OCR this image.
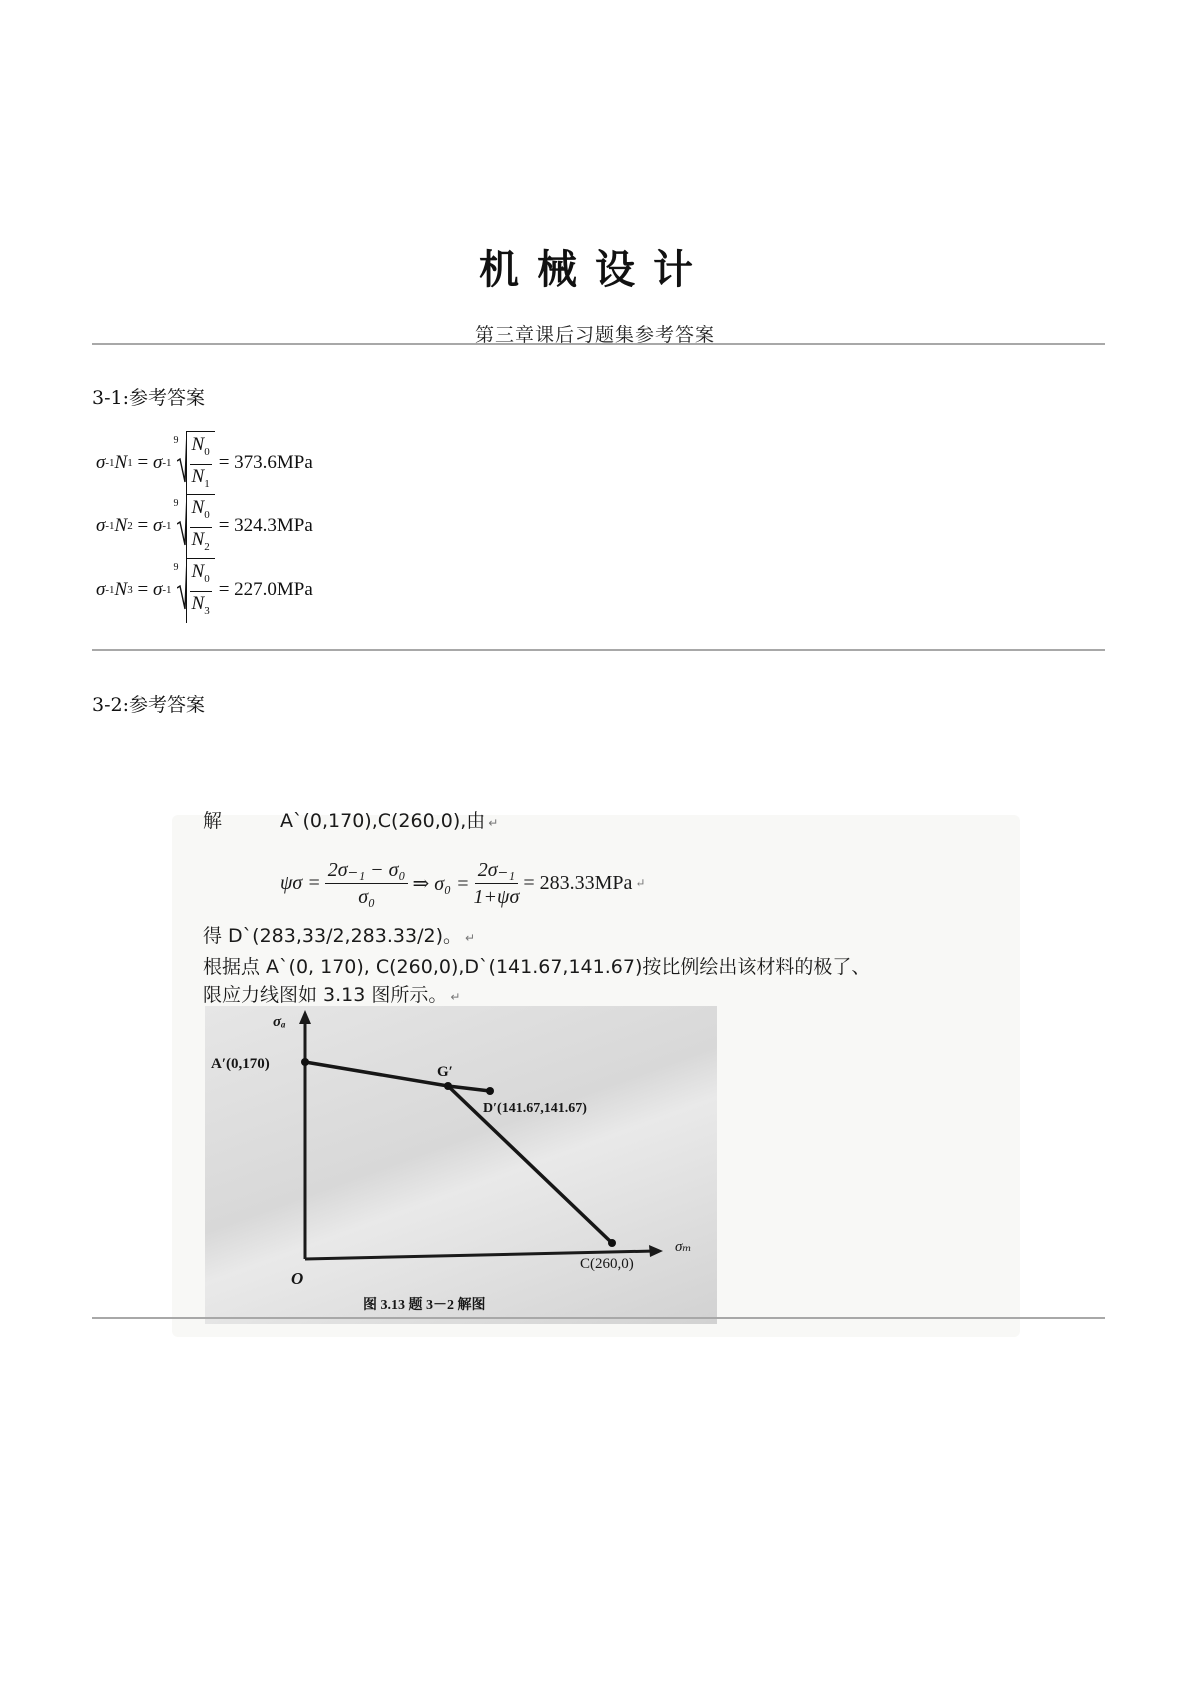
机械设计
第三章课后习题集参考答案
3-1:参考答案
σ -1 N 1
=
σ -1
$9 \frac{N_0}{N_1} = 373.6MPa$
σ -1 N 2
=
σ -1
$9 \frac{N_0}{N_2} = 324.3MPa$
σ -1 N 3
=
σ -1
$9 \frac{N_0}{N_3} = 227.0MPa$
3-2:参考答案
解	A`(0,170),C(260,0),由 ↵
$\psi\sigma = \frac{\text{2σ₋₁ − σ₀}}{\text{σ₀}}$ ⇒ $\sigma_0 = \frac{\text{2σ₋₁}}{1+\psi\sigma} = 283.33MPa$ ↵
得 D`(283,33/2,283.33/2)。 ↵
根据点 A`(0, 170), C(260,0),D`(141.67,141.67)按比例绘出该材料的极了、
限应力线图如 3.13 图所示。 ↵
σₐ
σₘ
O
A′(0,170)	G′
D′(141.67,141.67)
C(260,0)
图 3.13 题 3－2 解图
